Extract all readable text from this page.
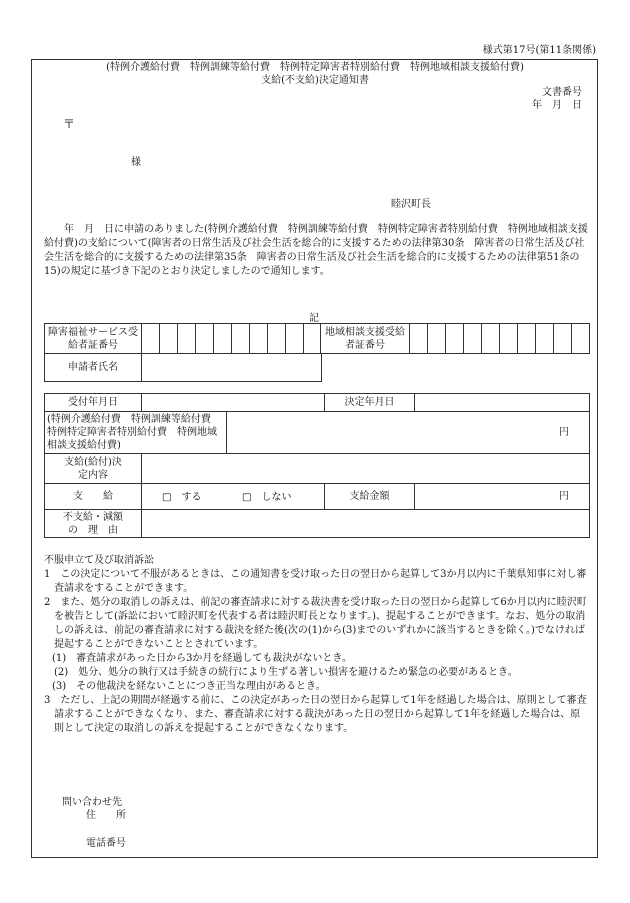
様式第17号(第11条関係)
(特例介護給付費　特例訓練等給付費　特例特定障害者特別給付費　特例地域相談支援給付費)
支給(不支給)決定通知書
文書番号
年　月　日
〒
様
睦沢町長
　　年　月　日に申請のありました(特例介護給付費　特例訓練等給付費　特例特定障害者特別給付費　特例地域相談支援給付費)の支給について(障害者の日常生活及び社会生活を総合的に支援するための法律第30条　障害者の日常生活及び社会生活を総合的に支援するための法律第35条　障害者の日常生活及び社会生活を総合的に支援するための法律第51条の15)の規定に基づき下記のとおり決定しましたので通知します。
記
障害福祉サービス受給者証番号											地域相談支援受給者証番号										
申請者氏名	
受付年月日			決定年月日	
(特例介護給付費　特例訓練等給付費　特例特定障害者特別給付費　特例地域相談支援給付費)		円		

支給(給付)決定内容				
支　　給	□　する □　しない		支給金額	円
不支給・減額の　理　由				
不服申立て及び取消訴訟
1　この決定について不服があるときは、この通知書を受け取った日の翌日から起算して3か月以内に千葉県知事に対し審査請求をすることができます。
2　また、処分の取消しの訴えは、前記の審査請求に対する裁決書を受け取った日の翌日から起算して6か月以内に睦沢町を被告として(訴訟において睦沢町を代表する者は睦沢町長となります。)、提起することができます。なお、処分の取消しの訴えは、前記の審査請求に対する裁決を経た後(次の(1)から(3)までのいずれかに該当するときを除く。)でなければ提起することができないこととされています。
(1)　審査請求があった日から3か月を経過しても裁決がないとき。
(2)　処分、処分の執行又は手続きの続行により生ずる著しい損害を避けるため緊急の必要があるとき。
(3)　その他裁決を経ないことにつき正当な理由があるとき。
3　ただし、上記の期間が経過する前に、この決定があった日の翌日から起算して1年を経過した場合は、原則として審査請求することができなくなり、また、審査請求に対する裁決があった日の翌日から起算して1年を経過した場合は、原則として決定の取消しの訴えを提起することができなくなります。
問い合わせ先
住　　所
電話番号
